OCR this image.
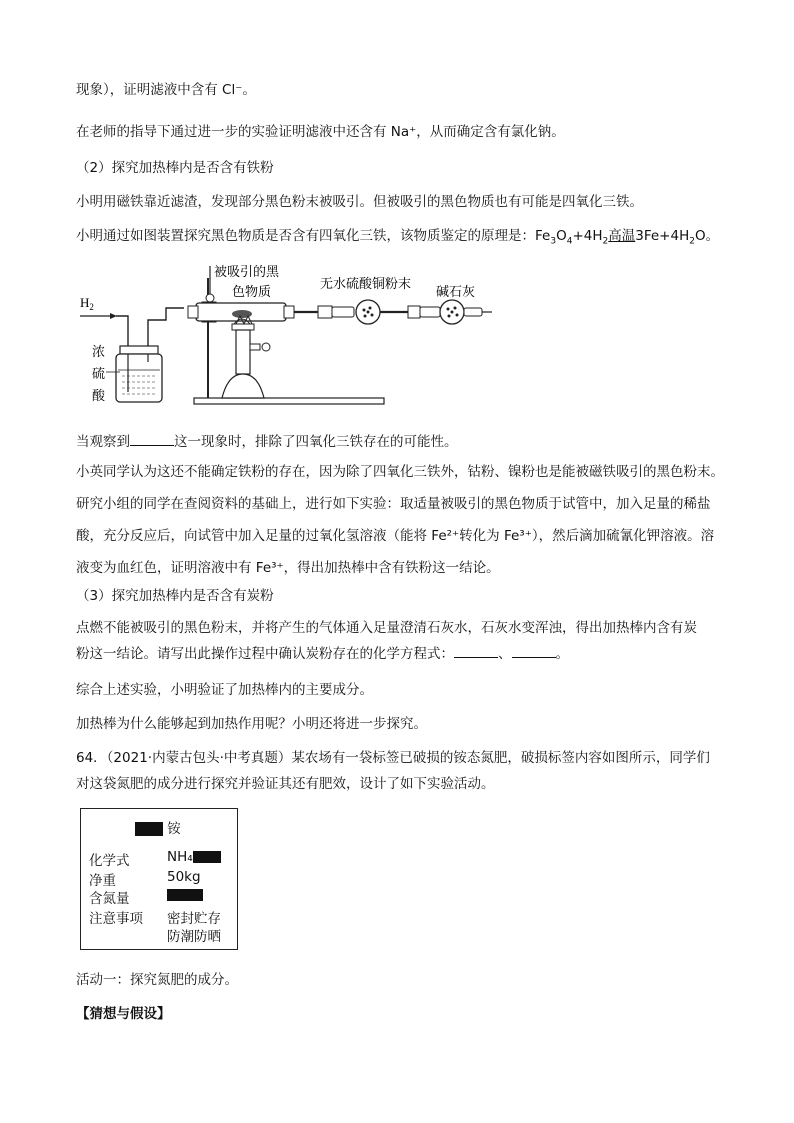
现象），证明滤液中含有 Cl⁻。
在老师的指导下通过进一步的实验证明滤液中还含有 Na⁺，从而确定含有氯化钠。
（2）探究加热棒内是否含有铁粉
小明用磁铁靠近滤渣，发现部分黑色粉末被吸引。但被吸引的黑色物质也有可能是四氧化三铁。
小明通过如图装置探究黑色物质是否含有四氧化三铁，该物质鉴定的原理是：$Fe_3O_4+4H_2$高温$3Fe+4H_2O$。
$H_2$
浓
硫
酸
被吸引的黑
色物质
无水硫酸铜粉末
碱石灰
当观察到	这一现象时，排除了四氧化三铁存在的可能性。

小英同学认为这还不能确定铁粉的存在，因为除了四氧化三铁外，钴粉、镍粉也是能被磁铁吸引的黑色粉末。研究小组的同学在查阅资料的基础上，进行如下实验：取适量被吸引的黑色物质于试管中，加入足量的稀盐酸，充分反应后，向试管中加入足量的过氧化氢溶液（能将 Fe²⁺转化为 Fe³⁺），然后滴加硫氰化钾溶液。溶液变为血红色，证明溶液中有 Fe³⁺，得出加热棒中含有铁粉这一结论。

（3）探究加热棒内是否含有炭粉
点燃不能被吸引的黑色粉末，并将产生的气体通入足量澄清石灰水，石灰水变浑浊，得出加热棒内含有炭
粉这一结论。请写出此操作过程中确认炭粉存在的化学方程式：	、	。
综合上述实验，小明验证了加热棒内的主要成分。
加热棒为什么能够起到加热作用呢？小明还将进一步探究。
64．（2021·内蒙古包头·中考真题）某农场有一袋标签已破损的铵态氮肥，破损标签内容如图所示，同学们
对这袋氮肥的成分进行探究并验证其还有肥效，设计了如下实验活动。
铵
化学式	NH₄
净重	50kg
含氮量
注意事项 密封贮存
防潮防晒
活动一：探究氮肥的成分。
【猜想与假设】
